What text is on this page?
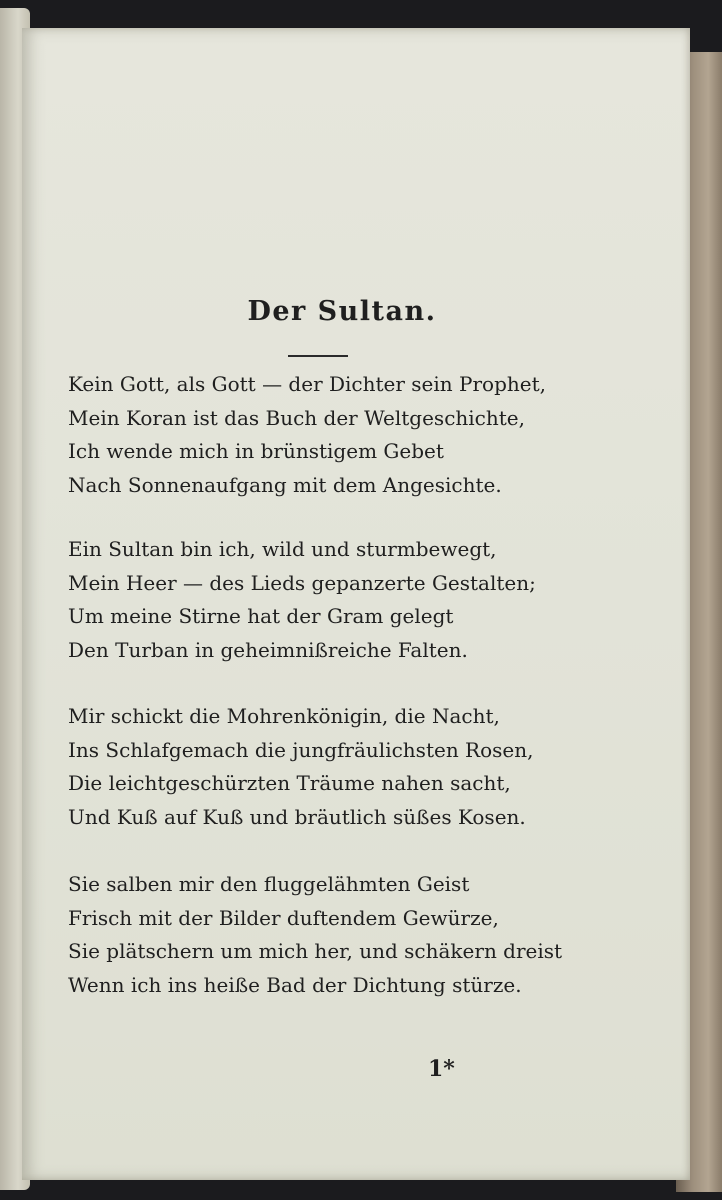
Der Sultan.
Kein Gott, als Gott — der Dichter sein Prophet,
Mein Koran ist das Buch der Weltgeschichte,
Ich wende mich in brünstigem Gebet
Nach Sonnenaufgang mit dem Angesichte.
Ein Sultan bin ich, wild und sturmbewegt,
Mein Heer — des Lieds gepanzerte Gestalten;
Um meine Stirne hat der Gram gelegt
Den Turban in geheimnißreiche Falten.
Mir schickt die Mohrenkönigin, die Nacht,
Ins Schlafgemach die jungfräulichsten Rosen,
Die leichtgeschürzten Träume nahen sacht,
Und Kuß auf Kuß und bräutlich süßes Kosen.
Sie salben mir den fluggelähmten Geist
Frisch mit der Bilder duftendem Gewürze,
Sie plätschern um mich her, und schäkern dreist
Wenn ich ins heiße Bad der Dichtung stürze.
1*
